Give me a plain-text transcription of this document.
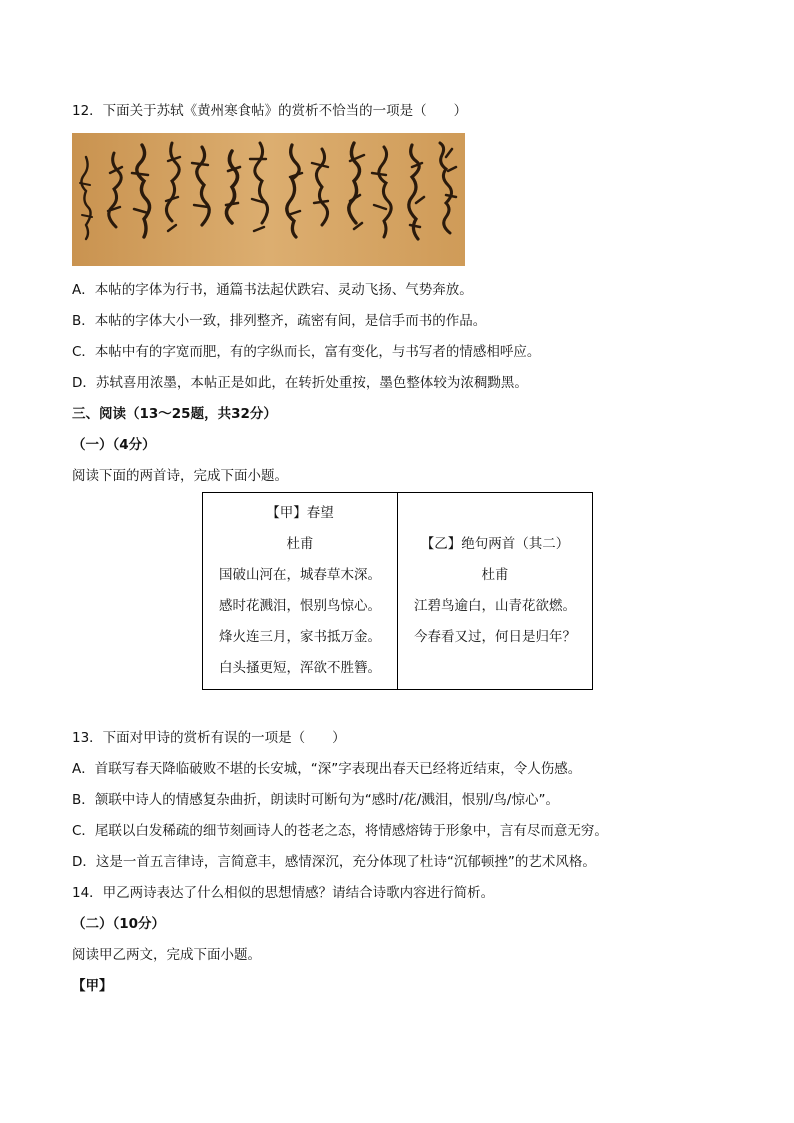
12．下面关于苏轼《黄州寒食帖》的赏析不恰当的一项是（　　）
A．本帖的字体为行书，通篇书法起伏跌宕、灵动飞扬、气势奔放。
B．本帖的字体大小一致，排列整齐，疏密有间，是信手而书的作品。
C．本帖中有的字宽而肥，有的字纵而长，富有变化，与书写者的情感相呼应。
D．苏轼喜用浓墨，本帖正是如此，在转折处重按，墨色整体较为浓稠黝黑。
三、阅读（13～25题，共32分）
（一）（4分）
阅读下面的两首诗，完成下面小题。
【甲】春望
杜甫
国破山河在，城春草木深。
感时花溅泪，恨别鸟惊心。
烽火连三月，家书抵万金。
白头搔更短，浑欲不胜簪。

【乙】绝句两首（其二）
杜甫
江碧鸟逾白，山青花欲燃。
今春看又过，何日是归年？
13．下面对甲诗的赏析有误的一项是（　　）
A．首联写春天降临破败不堪的长安城，“深”字表现出春天已经将近结束，令人伤感。
B．颔联中诗人的情感复杂曲折，朗读时可断句为“感时/花/溅泪，恨别/鸟/惊心”。
C．尾联以白发稀疏的细节刻画诗人的苍老之态，将情感熔铸于形象中，言有尽而意无穷。
D．这是一首五言律诗，言简意丰，感情深沉，充分体现了杜诗“沉郁顿挫”的艺术风格。
14．甲乙两诗表达了什么相似的思想情感？请结合诗歌内容进行简析。
（二）（10分）
阅读甲乙两文，完成下面小题。
【甲】
